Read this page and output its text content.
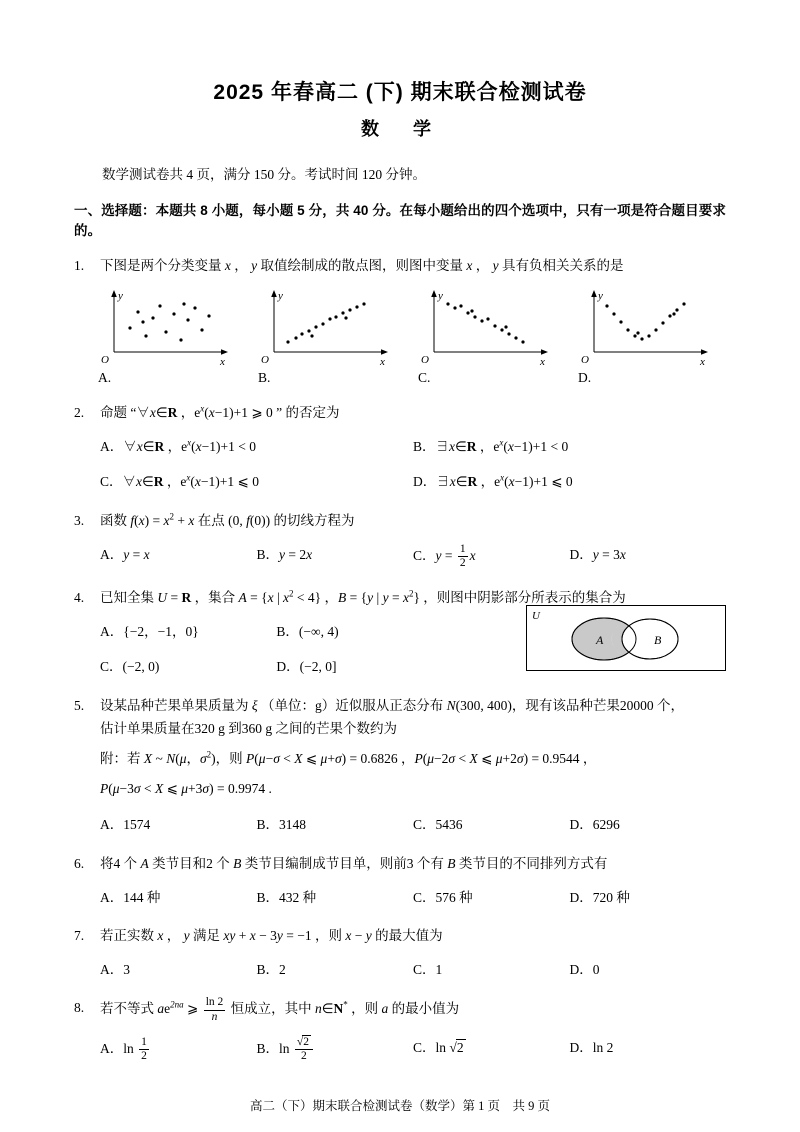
2025 年春高二 (下) 期末联合检测试卷
数　学
数学测试卷共 4 页，满分 150 分。考试时间 120 分钟。
一、选择题：本题共 8 小题，每小题 5 分，共 40 分。在每小题给出的四个选项中，只有一项是符合题目要求的。
1.	下图是两个分类变量 x ， y 取值绘制成的散点图，则图中变量 x ， y 具有负相关关系的是
y
x
O
A.
y
x
O
B.
y
x
O
C.
y
x
O
D.
2.	命题 “∀x∈R ，$e^x(x-1)+1$ ⩾ 0 ” 的否定为
A．∀x∈R ，$e^x(x-1)+1 < 0$	B．∃x∈R ，$e^x(x-1)+1 < 0$
C．∀x∈R ，$e^x(x-1)+1$ ⩽ 0	D．∃x∈R ，$e^x(x-1)+1$ ⩽ 0
3.	函数 $f(x) = x^2 + x$ 在点 (0, f(0)) 的切线方程为
A．y = x	B．y = 2x	C．$y = \frac{1}{2}$ x	D．y = 3x
4.	已知全集 U = R ，集合 A = {x | $x^2 < 4$} ，B = {y | $y = x^2$} ，则图中阴影部分所表示的集合为
U
A	B
A．{−2，−1，0}	B．(−∞, 4)
C．(−2, 0)	D．(−2, 0]
5.	设某品种芒果单果质量为 ξ （单位：g）近似服从正态分布 N(300, 400)，现有该品种芒果20000 个，
估计单果质量在320 g 到360 g 之间的芒果个数约为
附：若 X ~ N(μ，$\sigma^2$)，则 P(μ−σ < X ⩽ μ+σ) = 0.6826 ，P(μ−2σ < X ⩽ μ+2σ) = 0.9544 ，
P(μ−3σ < X ⩽ μ+3σ) = 0.9974 .
A．1574	B．3148	C．5436	D．6296
6.	将4 个 A 类节目和2 个 B 类节目编制成节目单，则前3 个有 B 类节目的不同排列方式有
A．144 种	B．432 种	C．576 种	D．720 种
7.	若正实数 x ， y 满足 xy + x − 3y = −1 ，则 x − y 的最大值为
A．3	B．2	C．1	D．0
8.	若不等式 $ae^{2na}$ ⩾ $\frac{\ln 2}{n}$ 恒成立，其中 n∈N* ，则 a 的最小值为
A．$\ln \frac{1}{2}$	B．$\ln \frac{√2}{2}$	C．ln √2	D．ln 2
高二（下）期末联合检测试卷（数学）第 1 页　共 9 页
